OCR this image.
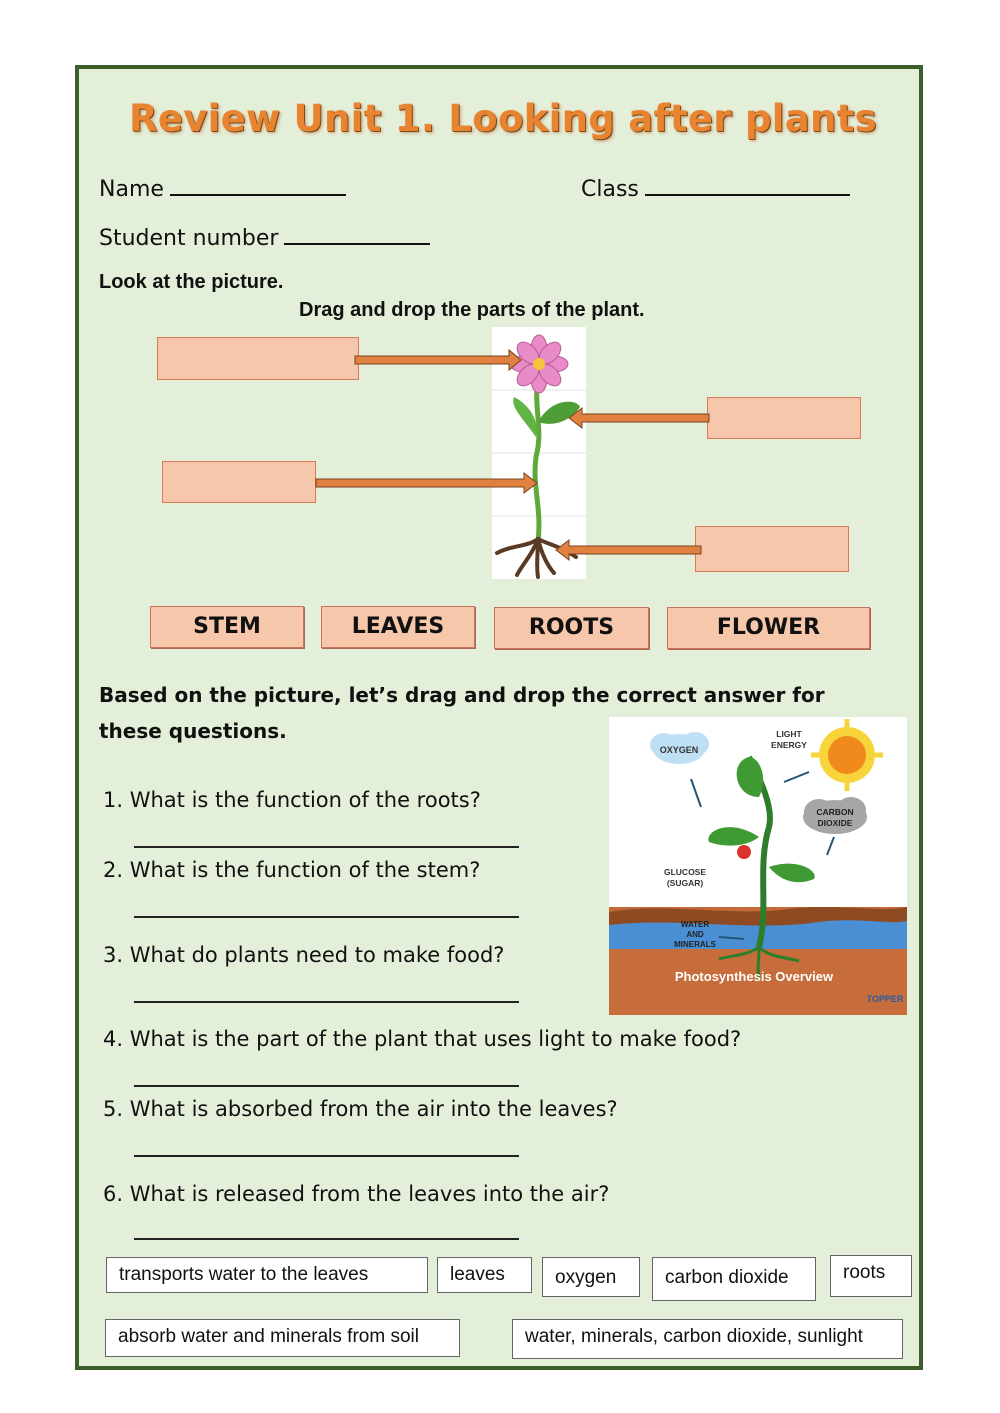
Review Unit 1. Looking after plants
Name	Class
Student number
Look at the picture.
Drag and drop the parts of the plant.
STEM	LEAVES	ROOTS	FLOWER
Based on the picture, let’s drag and drop the correct answer for
these questions.
OXYGEN
LIGHT
ENERGY
CARBON
DIOXIDE
GLUCOSE
(SUGAR)
WATER
AND
MINERALS
Photosynthesis Overview
TOPPER
1. What is the function of the roots?
2. What is the function of the stem?
3. What do plants need to make food?
4. What is the part of the plant that uses light to make food?
5. What is absorbed from the air into the leaves?
6. What is released from the leaves into the air?
transports water to the leaves	leaves	oxygen	carbon dioxide	roots
absorb water and minerals from soil	water, minerals, carbon dioxide, sunlight
